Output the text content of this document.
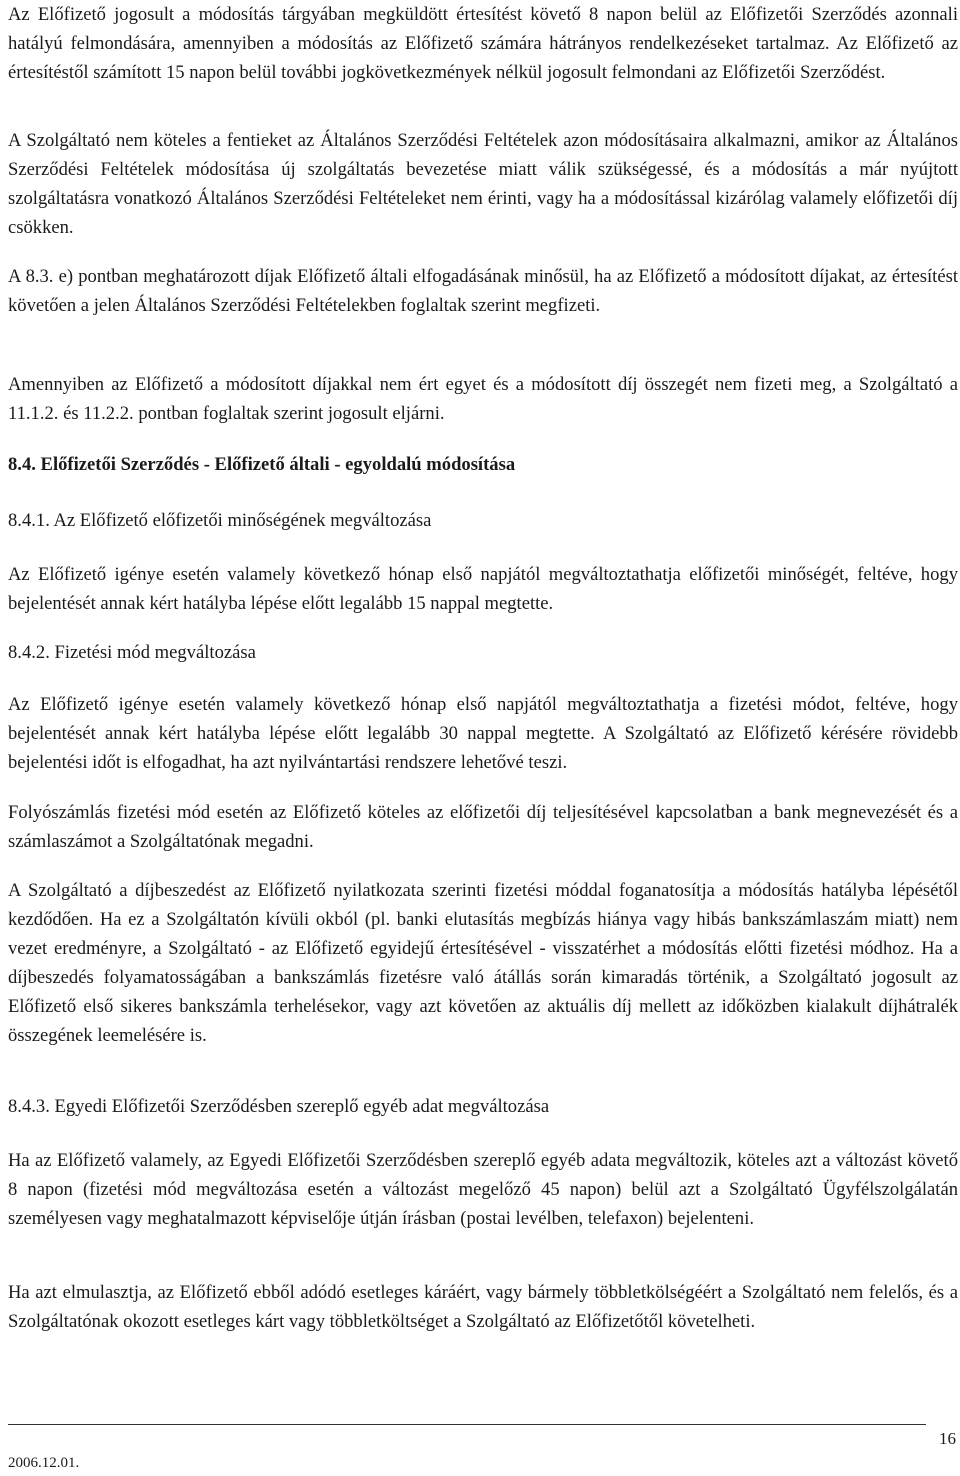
Az Előfizető jogosult a módosítás tárgyában megküldött értesítést követő 8 napon belül az Előfizetői Szerződés azonnali hatályú felmondására, amennyiben a módosítás az Előfizető számára hátrányos rendelkezéseket tartalmaz. Az Előfizető az értesítéstől számított 15 napon belül további jogkövetkezmények nélkül jogosult felmondani az Előfizetői Szerződést.

A Szolgáltató nem köteles a fentieket az Általános Szerződési Feltételek azon módosításaira alkalmazni, amikor az Általános Szerződési Feltételek módosítása új szolgáltatás bevezetése miatt válik szükségessé, és a módosítás a már nyújtott szolgáltatásra vonatkozó Általános Szerződési Feltételeket nem érinti, vagy ha a módosítással kizárólag valamely előfizetői díj csökken.

A 8.3. e) pontban meghatározott díjak Előfizető általi elfogadásának minősül, ha az Előfizető a módosított díjakat, az értesítést követően a jelen Általános Szerződési Feltételekben foglaltak szerint megfizeti.

Amennyiben az Előfizető a módosított díjakkal nem ért egyet és a módosított díj összegét nem fizeti meg, a Szolgáltató a 11.1.2. és 11.2.2. pontban foglaltak szerint jogosult eljárni.

8.4. Előfizetői Szerződés - Előfizető általi - egyoldalú módosítása

8.4.1. Az Előfizető előfizetői minőségének megváltozása

Az Előfizető igénye esetén valamely következő hónap első napjától megváltoztathatja előfizetői minőségét, feltéve, hogy bejelentését annak kért hatályba lépése előtt legalább 15 nappal megtette.

8.4.2. Fizetési mód megváltozása

Az Előfizető igénye esetén valamely következő hónap első napjától megváltoztathatja a fizetési módot, feltéve, hogy bejelentését annak kért hatályba lépése előtt legalább 30 nappal megtette. A Szolgáltató az Előfizető kérésére rövidebb bejelentési időt is elfogadhat, ha azt nyilvántartási rendszere lehetővé teszi.

Folyószámlás fizetési mód esetén az Előfizető köteles az előfizetői díj teljesítésével kapcsolatban a bank megnevezését és a számlaszámot a Szolgáltatónak megadni.

A Szolgáltató a díjbeszedést az Előfizető nyilatkozata szerinti fizetési móddal foganatosítja a módosítás hatályba lépésétől kezdődően. Ha ez a Szolgáltatón kívüli okból (pl. banki elutasítás megbízás hiánya vagy hibás bankszámlaszám miatt) nem vezet eredményre, a Szolgáltató - az Előfizető egyidejű értesítésével - visszatérhet a módosítás előtti fizetési módhoz. Ha a díjbeszedés folyamatosságában a bankszámlás fizetésre való átállás során kimaradás történik, a Szolgáltató jogosult az Előfizető első sikeres bankszámla terhelésekor, vagy azt követően az aktuális díj mellett az időközben kialakult díjhátralék összegének leemelésére is.

8.4.3. Egyedi Előfizetői Szerződésben szereplő egyéb adat megváltozása

Ha az Előfizető valamely, az Egyedi Előfizetői Szerződésben szereplő egyéb adata megváltozik, köteles azt a változást követő 8 napon (fizetési mód megváltozása esetén a változást megelőző 45 napon) belül azt a Szolgáltató Ügyfélszolgálatán személyesen vagy meghatalmazott képviselője útján írásban (postai levélben, telefaxon) bejelenteni.

Ha azt elmulasztja, az Előfizető ebből adódó esetleges káráért, vagy bármely többletkölségéért a Szolgáltató nem felelős, és a Szolgáltatónak okozott esetleges kárt vagy többletköltséget a Szolgáltató az Előfizetőtől követelheti.

16
2006.12.01.
